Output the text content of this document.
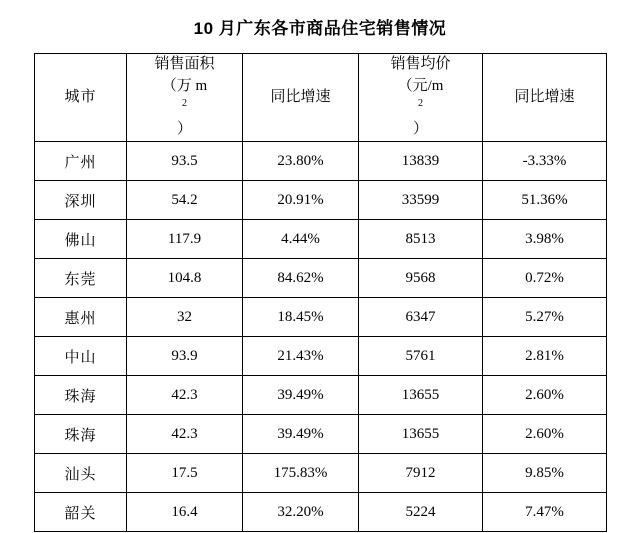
10 月广东各市商品住宅销售情况
城市	销售面积
（万 m
$^2$
）	同比增速	销售均价
（元/m
$^2$
）	同比增速

广州	93.5	23.80%	13839	-3.33%
深圳	54.2	20.91%	33599	51.36%
佛山	117.9	4.44%	8513	3.98%
东莞	104.8	84.62%	9568	0.72%
惠州	32	18.45%	6347	5.27%
中山	93.9	21.43%	5761	2.81%
珠海	42.3	39.49%	13655	2.60%
珠海	42.3	39.49%	13655	2.60%
汕头	17.5	175.83%	7912	9.85%
韶关	16.4	32.20%	5224	7.47%
